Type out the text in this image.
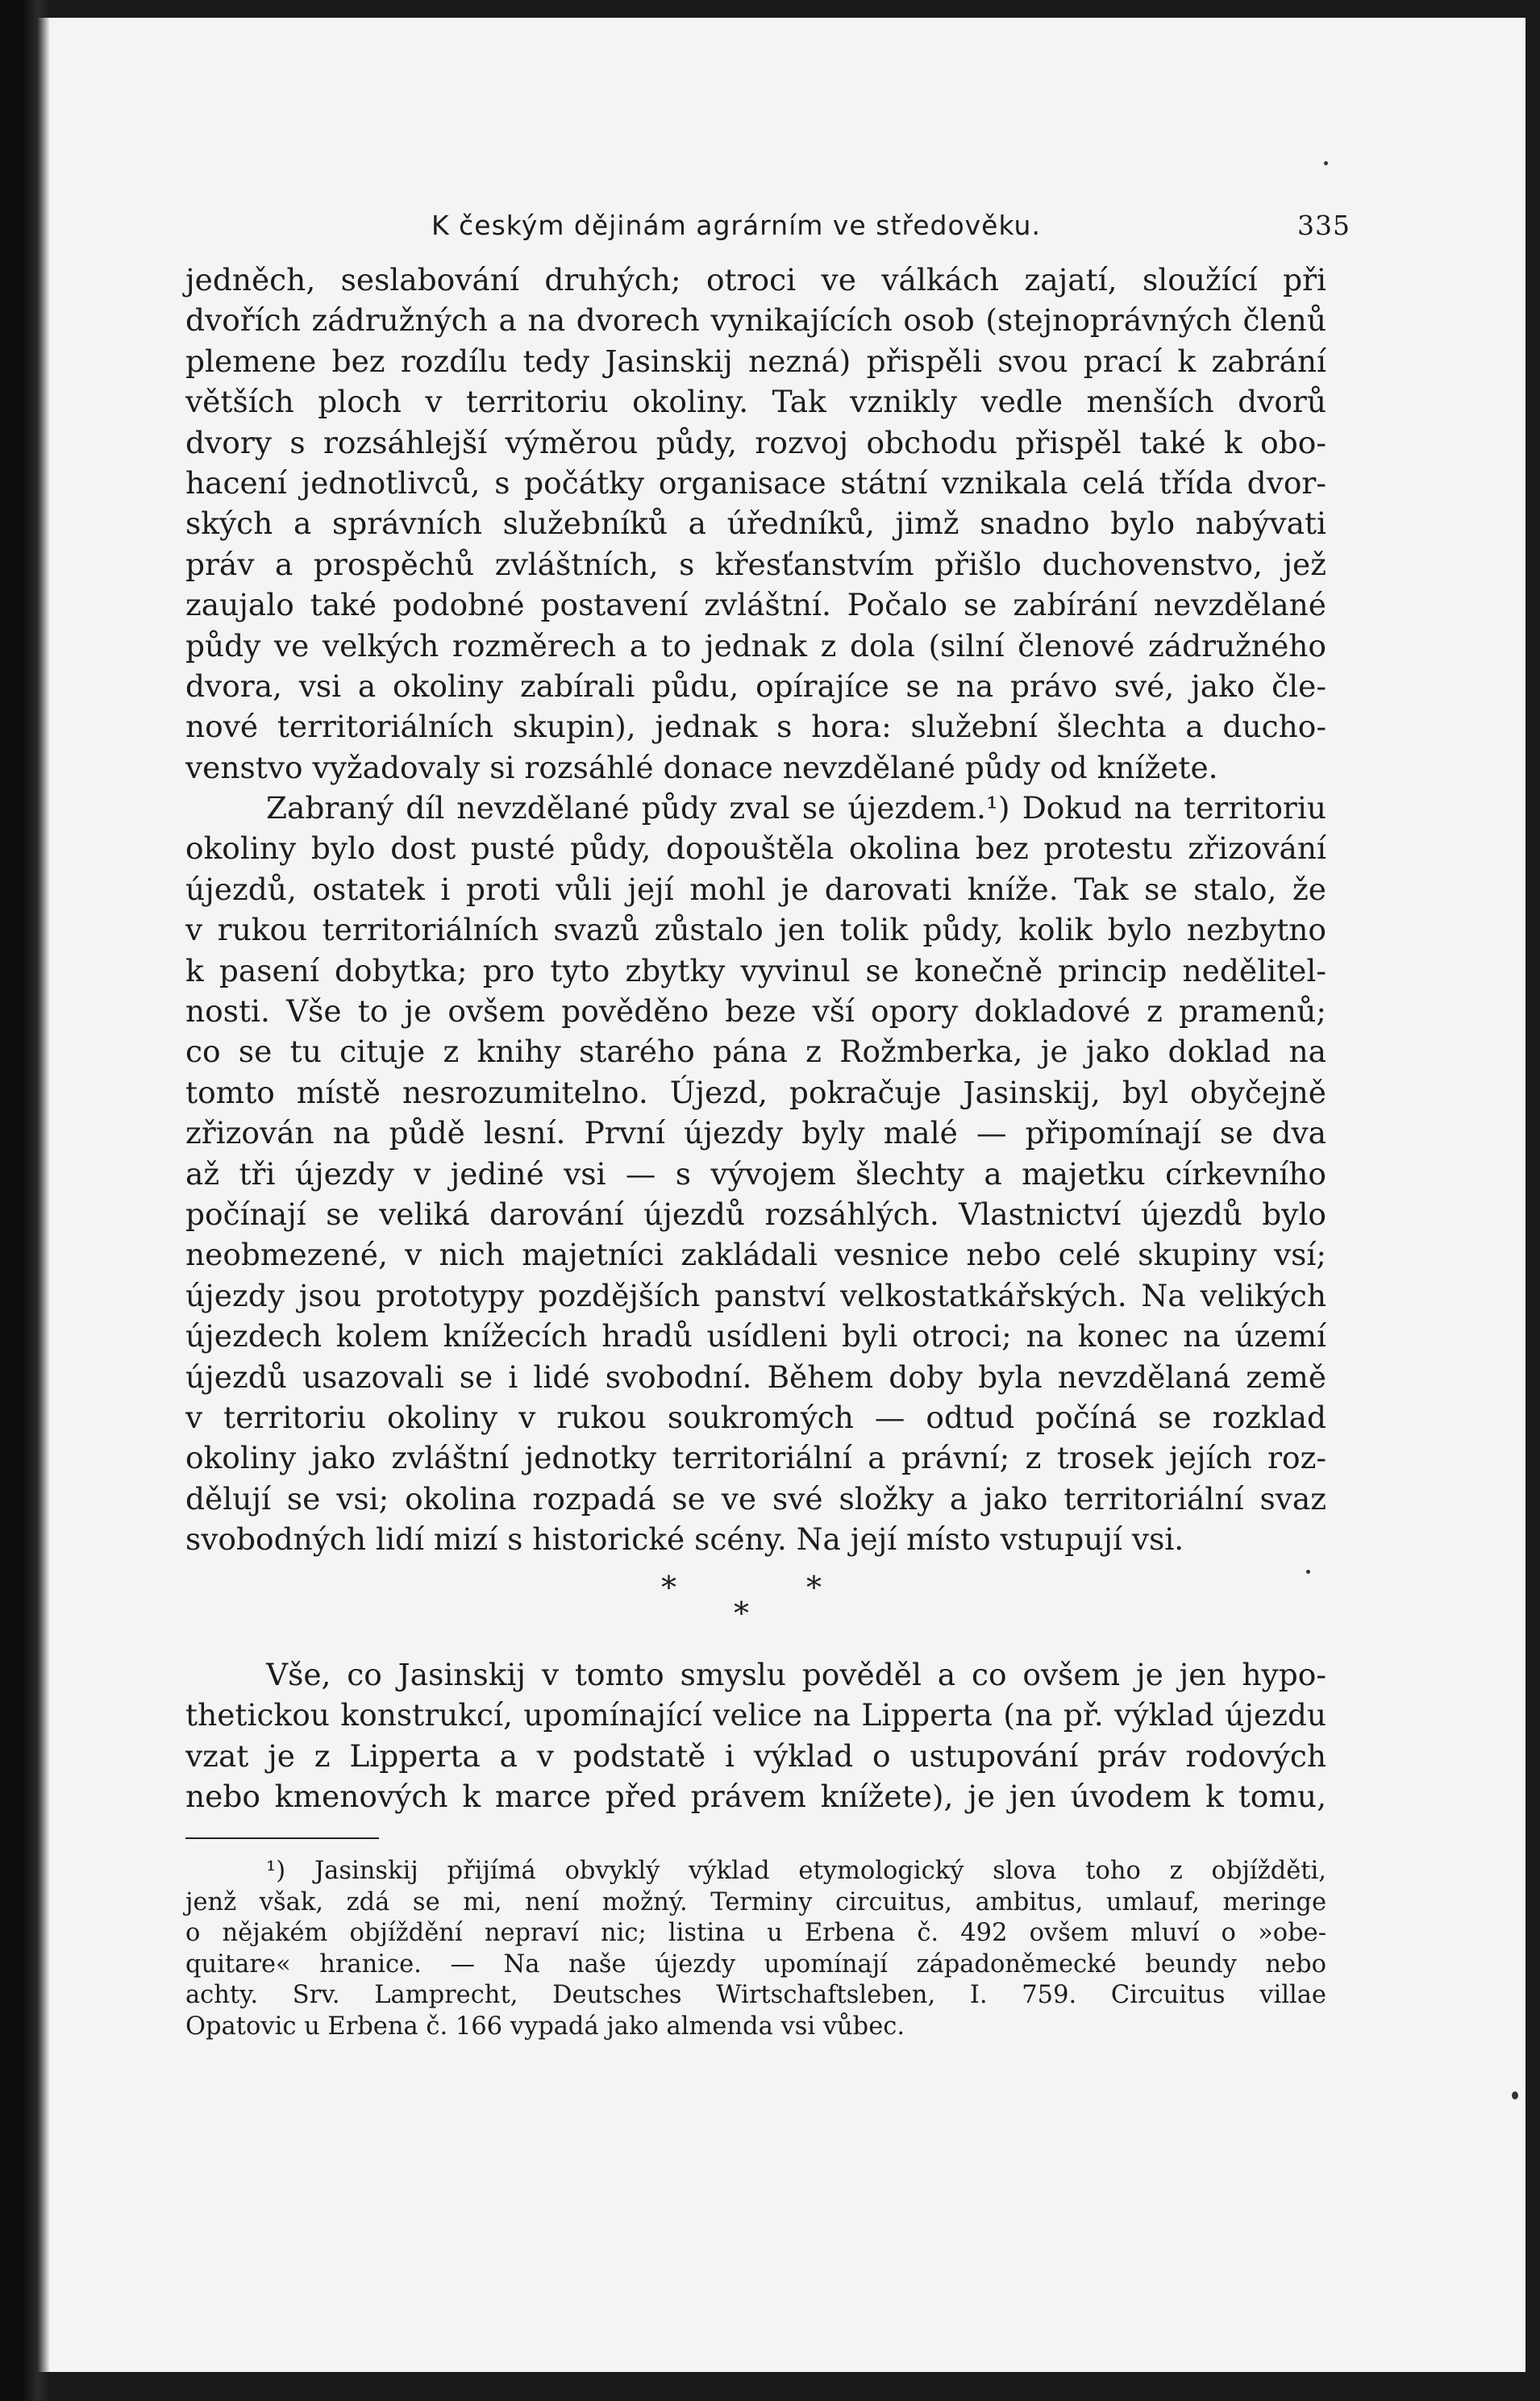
K českým dějinám agrárním ve středověku.	335
jedněch, seslabování druhých; otroci ve válkách zajatí, sloužící při
dvořích zádružných a na dvorech vynikajících osob (stejnoprávných členů
plemene bez rozdílu tedy Jasinskij nezná) přispěli svou prací k zabrání
větších ploch v territoriu okoliny. Tak vznikly vedle menších dvorů
dvory s rozsáhlejší výměrou půdy, rozvoj obchodu přispěl také k obo-
hacení jednotlivců, s počátky organisace státní vznikala celá třída dvor-
ských a správních služebníků a úředníků, jimž snadno bylo nabývati
práv a prospěchů zvláštních, s křesťanstvím přišlo duchovenstvo, jež
zaujalo také podobné postavení zvláštní. Počalo se zabírání nevzdělané
půdy ve velkých rozměrech a to jednak z dola (silní členové zádružného
dvora, vsi a okoliny zabírali půdu, opírajíce se na právo své, jako čle-
nové territoriálních skupin), jednak s hora: služební šlechta a ducho-
venstvo vyžadovaly si rozsáhlé donace nevzdělané půdy od knížete.
Zabraný díl nevzdělané půdy zval se újezdem.¹) Dokud na territoriu
okoliny bylo dost pusté půdy, dopouštěla okolina bez protestu zřizování
újezdů, ostatek i proti vůli její mohl je darovati kníže. Tak se stalo, že
v rukou territoriálních svazů zůstalo jen tolik půdy, kolik bylo nezbytno
k pasení dobytka; pro tyto zbytky vyvinul se konečně princip nedělitel-
nosti. Vše to je ovšem pověděno beze vší opory dokladové z pramenů;
co se tu cituje z knihy starého pána z Rožmberka, je jako doklad na
tomto místě nesrozumitelno. Újezd, pokračuje Jasinskij, byl obyčejně
zřizován na půdě lesní. První újezdy byly malé — připomínají se dva
až tři újezdy v jediné vsi — s vývojem šlechty a majetku církevního
počínají se veliká darování újezdů rozsáhlých. Vlastnictví újezdů bylo
neobmezené, v nich majetníci zakládali vesnice nebo celé skupiny vsí;
újezdy jsou prototypy pozdějších panství velkostatkářských. Na velikých
újezdech kolem knížecích hradů usídleni byli otroci; na konec na území
újezdů usazovali se i lidé svobodní. Během doby byla nevzdělaná země
v territoriu okoliny v rukou soukromých — odtud počíná se rozklad
okoliny jako zvláštní jednotky territoriální a právní; z trosek jejích roz-
dělují se vsi; okolina rozpadá se ve své složky a jako territoriální svaz
svobodných lidí mizí s historické scény. Na její místo vstupují vsi.
*	*
*
Vše, co Jasinskij v tomto smyslu pověděl a co ovšem je jen hypo-
thetickou konstrukcí, upomínající velice na Lipperta (na př. výklad újezdu
vzat je z Lipperta a v podstatě i výklad o ustupování práv rodových
nebo kmenových k marce před právem knížete), je jen úvodem k tomu,
¹) Jasinskij přijímá obvyklý výklad etymologický slova toho z objížděti,
jenž však, zdá se mi, není možný. Terminy circuitus, ambitus, umlauf, meringe
o nějakém objíždění nepraví nic; listina u Erbena č. 492 ovšem mluví o »obe-
quitare« hranice. — Na naše újezdy upomínají západoněmecké beundy nebo
achty. Srv. Lamprecht, Deutsches Wirtschaftsleben, I. 759. Circuitus villae
Opatovic u Erbena č. 166 vypadá jako almenda vsi vůbec.
